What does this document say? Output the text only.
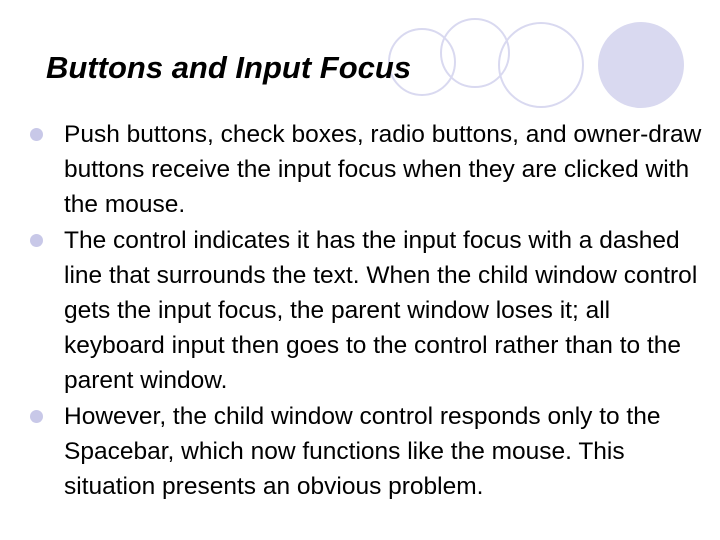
Buttons and Input Focus
Push buttons, check boxes, radio buttons, and owner-draw buttons receive the input focus when they are clicked with the mouse.
The control indicates it has the input focus with a dashed line that surrounds the text. When the child window control gets the input focus, the parent window loses it; all keyboard input then goes to the control rather than to the parent window.
However, the child window control responds only to the Spacebar, which now functions like the mouse. This situation presents an obvious problem.
